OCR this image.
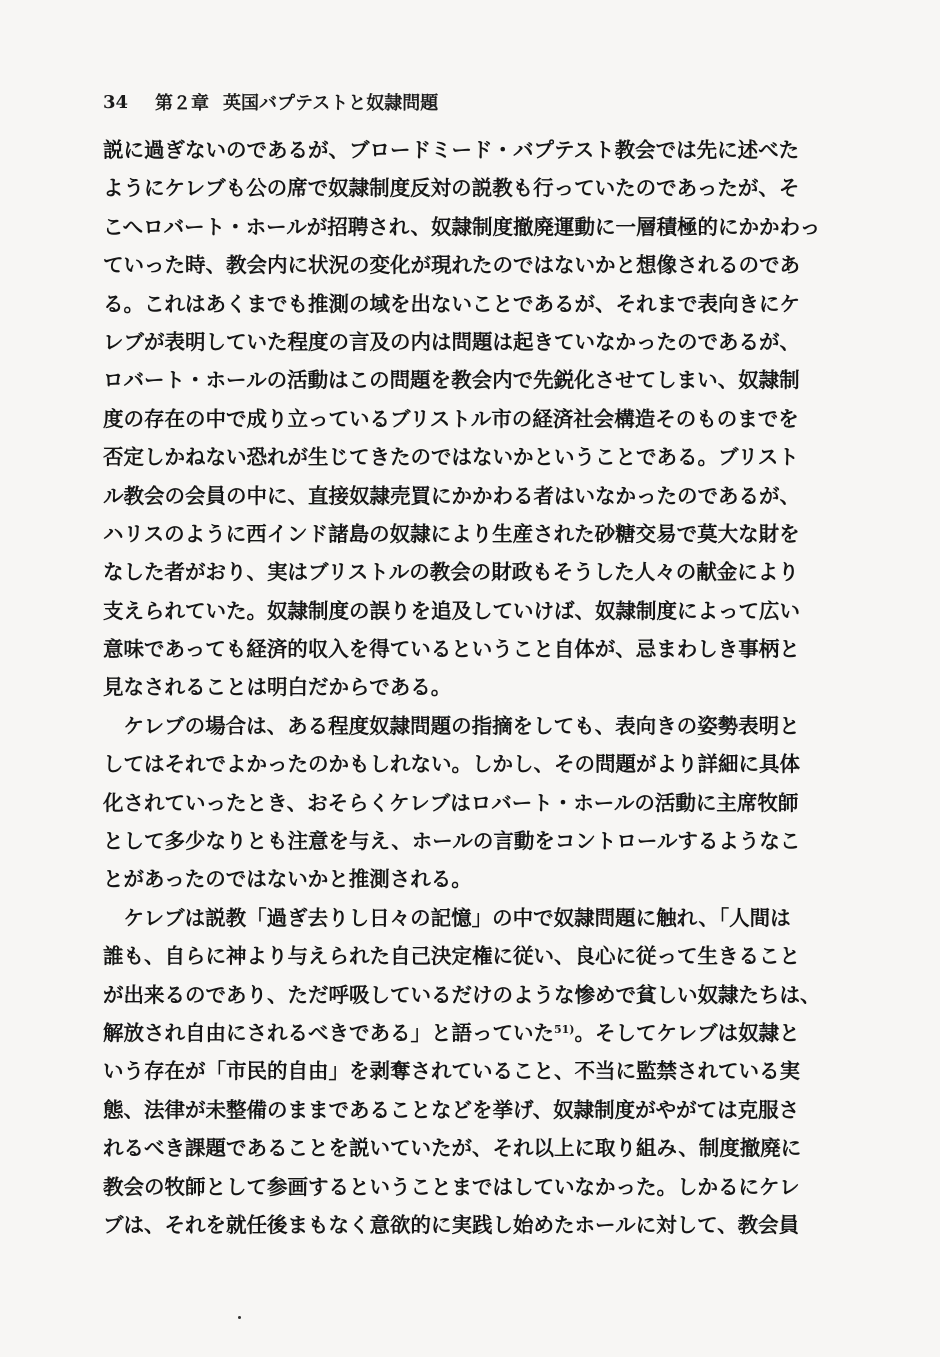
34	第２章 英国バプテストと奴隷問題
説に過ぎないのであるが、ブロードミード・バプテスト教会では先に述べた
ようにケレブも公の席で奴隷制度反対の説教も行っていたのであったが、そ
こへロバート・ホールが招聘され、奴隷制度撤廃運動に一層積極的にかかわっ
ていった時、教会内に状況の変化が現れたのではないかと想像されるのであ
る。これはあくまでも推測の域を出ないことであるが、それまで表向きにケ
レブが表明していた程度の言及の内は問題は起きていなかったのであるが、
ロバート・ホールの活動はこの問題を教会内で先鋭化させてしまい、奴隷制
度の存在の中で成り立っているブリストル市の経済社会構造そのものまでを
否定しかねない恐れが生じてきたのではないかということである。ブリスト
ル教会の会員の中に、直接奴隷売買にかかわる者はいなかったのであるが、
ハリスのように西インド諸島の奴隷により生産された砂糖交易で莫大な財を
なした者がおり、実はブリストルの教会の財政もそうした人々の献金により
支えられていた。奴隷制度の誤りを追及していけば、奴隷制度によって広い
意味であっても経済的収入を得ているということ自体が、忌まわしき事柄と
見なされることは明白だからである。
　ケレブの場合は、ある程度奴隷問題の指摘をしても、表向きの姿勢表明と
してはそれでよかったのかもしれない。しかし、その問題がより詳細に具体
化されていったとき、おそらくケレブはロバート・ホールの活動に主席牧師
として多少なりとも注意を与え、ホールの言動をコントロールするようなこ
とがあったのではないかと推測される。
　ケレブは説教「過ぎ去りし日々の記憶」の中で奴隷問題に触れ、「人間は
誰も、自らに神より与えられた自己決定権に従い、良心に従って生きること
が出来るのであり、ただ呼吸しているだけのような惨めで貧しい奴隷たちは、
解放され自由にされるべきである」と語っていた$^{51)}$。そしてケレブは奴隷と
いう存在が「市民的自由」を剥奪されていること、不当に監禁されている実
態、法律が未整備のままであることなどを挙げ、奴隷制度がやがては克服さ
れるべき課題であることを説いていたが、それ以上に取り組み、制度撤廃に
教会の牧師として参画するということまではしていなかった。しかるにケレ
ブは、それを就任後まもなく意欲的に実践し始めたホールに対して、教会員
